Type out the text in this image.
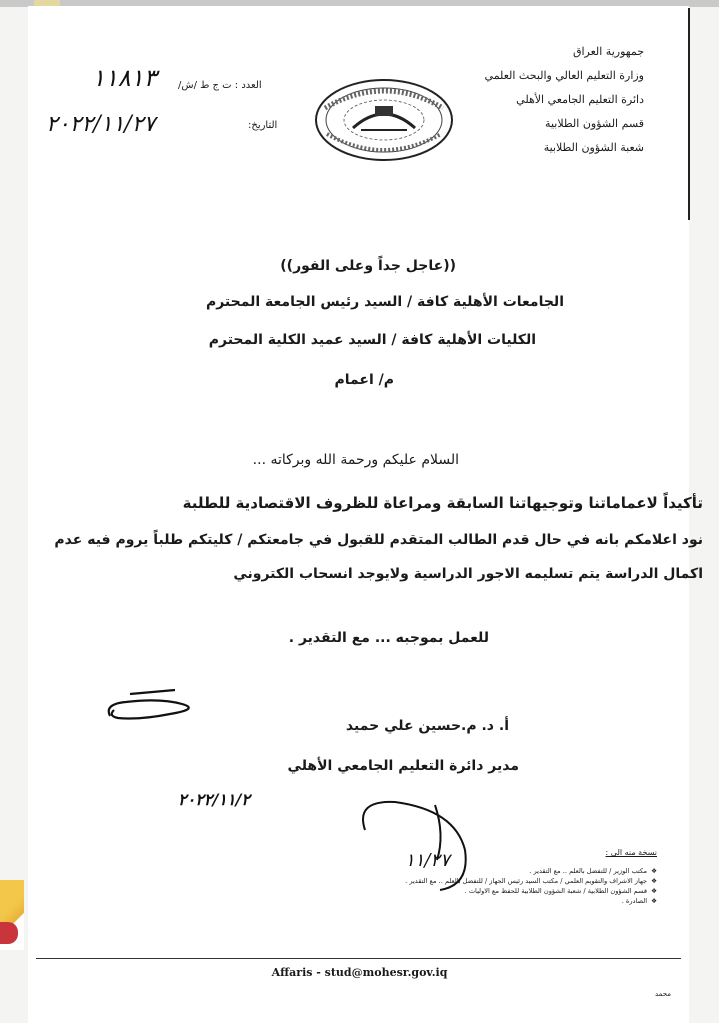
جمهورية العراق
وزارة التعليم العالي والبحث العلمي
دائرة التعليم الجامعي الأهلي
قسم الشؤون الطلابية
شعبة الشؤون الطلابية
العدد : ت ج ط /ش/
١١٨١٣
التاريخ:
٢٠٢٢/١١/٢٧
((عاجل جداً وعلى الفور))
الجامعات الأهلية كافة / السيد رئيس الجامعة المحترم
الكليات الأهلية كافة / السيد عميد الكلية المحترم
م/ اعمام
السلام عليكم ورحمة الله وبركاته ...
تأكيداً لاعماماتنا وتوجيهاتنا السابقة ومراعاة للظروف الاقتصادية للطلبة
نود اعلامكم بانه في حال قدم الطالب المتقدم للقبول في جامعتكم / كليتكم طلباً يروم فيه عدم
اكمال الدراسة يتم تسليمه الاجور الدراسية ولايوجد انسحاب الكتروني
للعمل بموجبه ... مع التقدير .
أ. د. م.حسين علي حميد
مدير دائرة التعليم الجامعي الأهلي
٢٠٢٢/١١/٢
١١/٢٧	نسخة منه الى :
❖مكتب الوزير / للتفضل بالعلم .. مع التقدير .
❖جهاز الاشراف والتقويم العلمي / مكتب السيد رئيس الجهاز / للتفضل بالعلم .. مع التقدير .
❖قسم الشؤون الطلابية / شعبة الشؤون الطلابية للحفظ مع الاوليات .
❖الصادرة .
Affaris - stud@mohesr.gov.iq
محمد
